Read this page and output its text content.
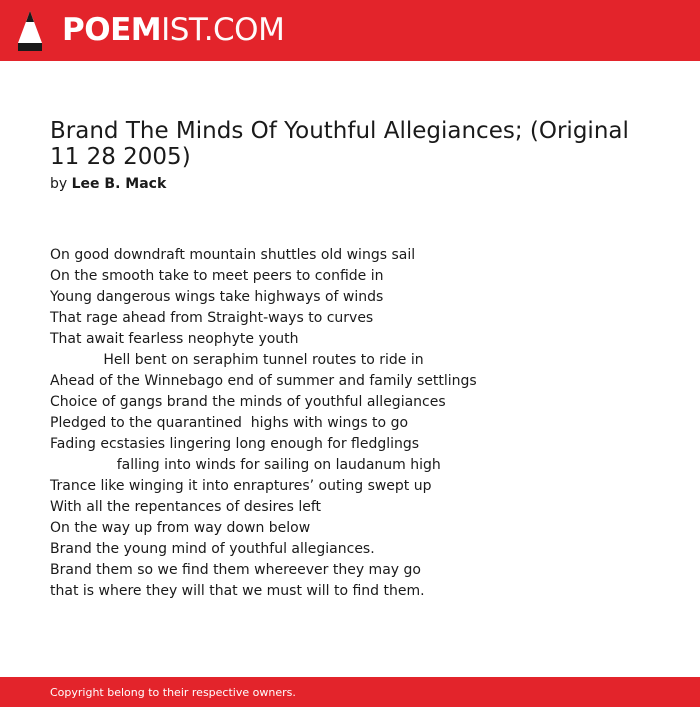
POEMIST.COM
Brand The Minds Of Youthful Allegiances; (Original 11 28 2005)
by Lee B. Mack
On good downdraft mountain shuttles old wings sail
On the smooth take to meet peers to confide in
Young dangerous wings take highways of winds
That rage ahead from Straight-ways to curves
That await fearless neophyte youth
Hell bent on seraphim tunnel routes to ride in
Ahead of the Winnebago end of summer and family settlings
Choice of gangs brand the minds of youthful allegiances
Pledged to the quarantined  highs with wings to go
Fading ecstasies lingering long enough for fledglings
falling into winds for sailing on laudanum high
Trance like winging it into enraptures’ outing swept up
With all the repentances of desires left
On the way up from way down below
Brand the young mind of youthful allegiances.
Brand them so we find them whereever they may go
that is where they will that we must will to find them.
Copyright belong to their respective owners.
